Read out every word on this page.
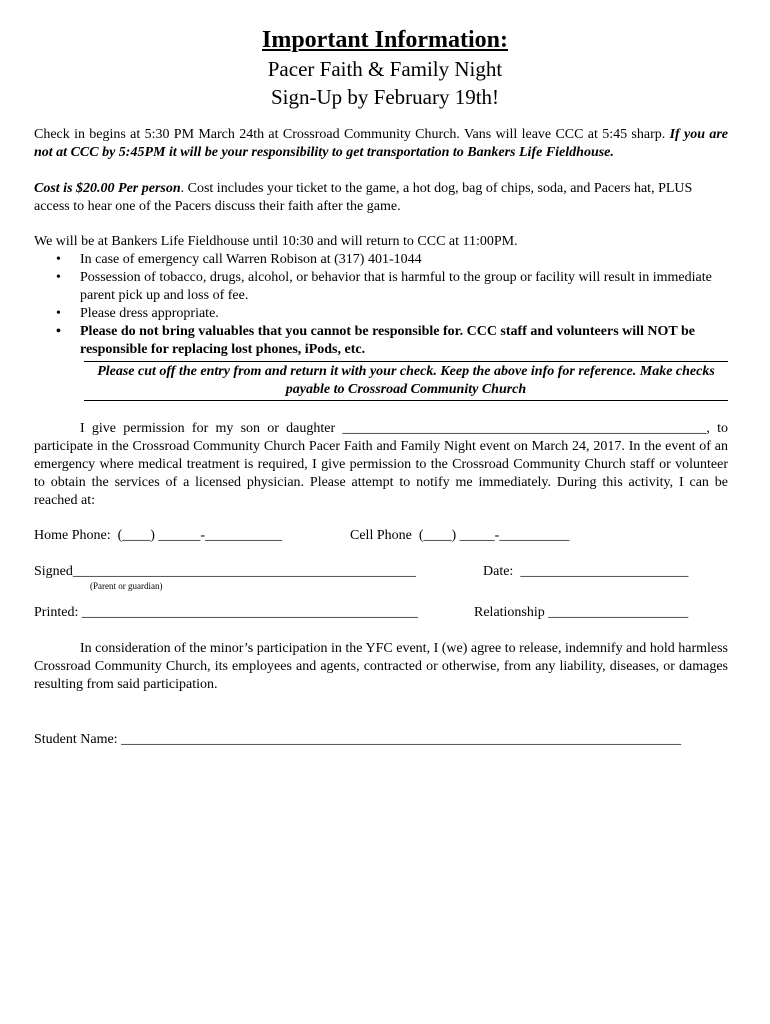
Important Information:
Pacer Faith & Family Night
Sign-Up by February 19th!
Check in begins at 5:30 PM March 24th at Crossroad Community Church. Vans will leave CCC at 5:45 sharp. If you are not at CCC by 5:45PM it will be your responsibility to get transportation to Bankers Life Fieldhouse.
Cost is $20.00 Per person. Cost includes your ticket to the game, a hot dog, bag of chips, soda, and Pacers hat, PLUS access to hear one of the Pacers discuss their faith after the game.
We will be at Bankers Life Fieldhouse until 10:30 and will return to CCC at 11:00PM.
• In case of emergency call Warren Robison at (317) 401-1044
• Possession of tobacco, drugs, alcohol, or behavior that is harmful to the group or facility will result in immediate parent pick up and loss of fee.
• Please dress appropriate.
• Please do not bring valuables that you cannot be responsible for. CCC staff and volunteers will NOT be responsible for replacing lost phones, iPods, etc.
Please cut off the entry from and return it with your check. Keep the above info for reference. Make checks payable to Crossroad Community Church
I give permission for my son or daughter ____________________________________________________, to participate in the Crossroad Community Church Pacer Faith and Family Night event on March 24, 2017. In the event of an emergency where medical treatment is required, I give permission to the Crossroad Community Church staff or volunteer to obtain the services of a licensed physician. Please attempt to notify me immediately. During this activity, I can be reached at:
Home Phone:  (____) ______-___________	Cell Phone  (____) _____-__________
Signed_________________________________________________
(Parent or guardian)
Date:  ________________________
Printed: ________________________________________________	Relationship ____________________
In consideration of the minor’s participation in the YFC event, I (we) agree to release, indemnify and hold harmless Crossroad Community Church, its employees and agents, contracted or otherwise, from any liability, diseases, or damages resulting from said participation.
Student Name: ________________________________________________________________________________
